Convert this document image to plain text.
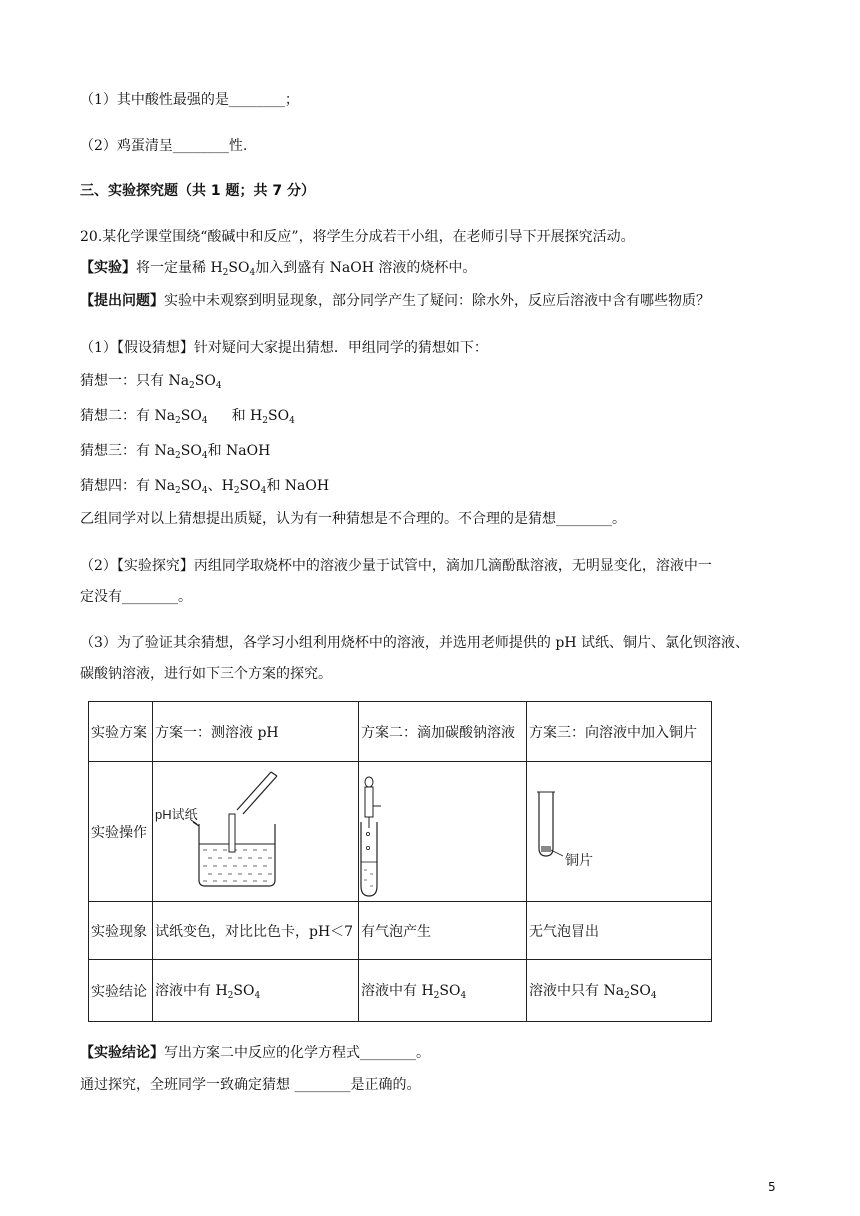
（1）其中酸性最强的是________；
（2）鸡蛋清呈________性.
三、实验探究题（共 1 题；共 7 分）
20.某化学课堂围绕“酸碱中和反应”，将学生分成若干小组，在老师引导下开展探究活动。
【实验】将一定量稀 $H_2SO_4$加入到盛有 NaOH 溶液的烧杯中。
【提出问题】实验中未观察到明显现象，部分同学产生了疑问：除水外，反应后溶液中含有哪些物质？
（1）【假设猜想】针对疑问大家提出猜想．甲组同学的猜想如下：
猜想一：只有 $Na_2SO_4$
猜想二：有 $Na_2SO_4$ 和 $H_2SO_4$
猜想三：有 $Na_2SO_4$和 NaOH
猜想四：有 $Na_2SO_4$、$H_2SO_4$和 NaOH
乙组同学对以上猜想提出质疑，认为有一种猜想是不合理的。不合理的是猜想________。
（2）【实验探究】丙组同学取烧杯中的溶液少量于试管中，滴加几滴酚酞溶液，无明显变化，溶液中一
定没有________。
（3）为了验证其余猜想，各学习小组利用烧杯中的溶液，并选用老师提供的 pH 试纸、铜片、氯化钡溶液、
碳酸钠溶液，进行如下三个方案的探究。
实验方案	方案一：测溶液 pH	方案二：滴加碳酸钠溶液	方案三：向溶液中加入铜片
实验操作	pH试纸		铜片

实验现象	试纸变色，对比比色卡，pH＜7	有气泡产生	无气泡冒出
实验结论	溶液中有 $H_2SO_4$	溶液中有 $H_2SO_4$	溶液中只有 $Na_2SO_4$
【实验结论】写出方案二中反应的化学方程式________。
通过探究，全班同学一致确定猜想 ________是正确的。
5
